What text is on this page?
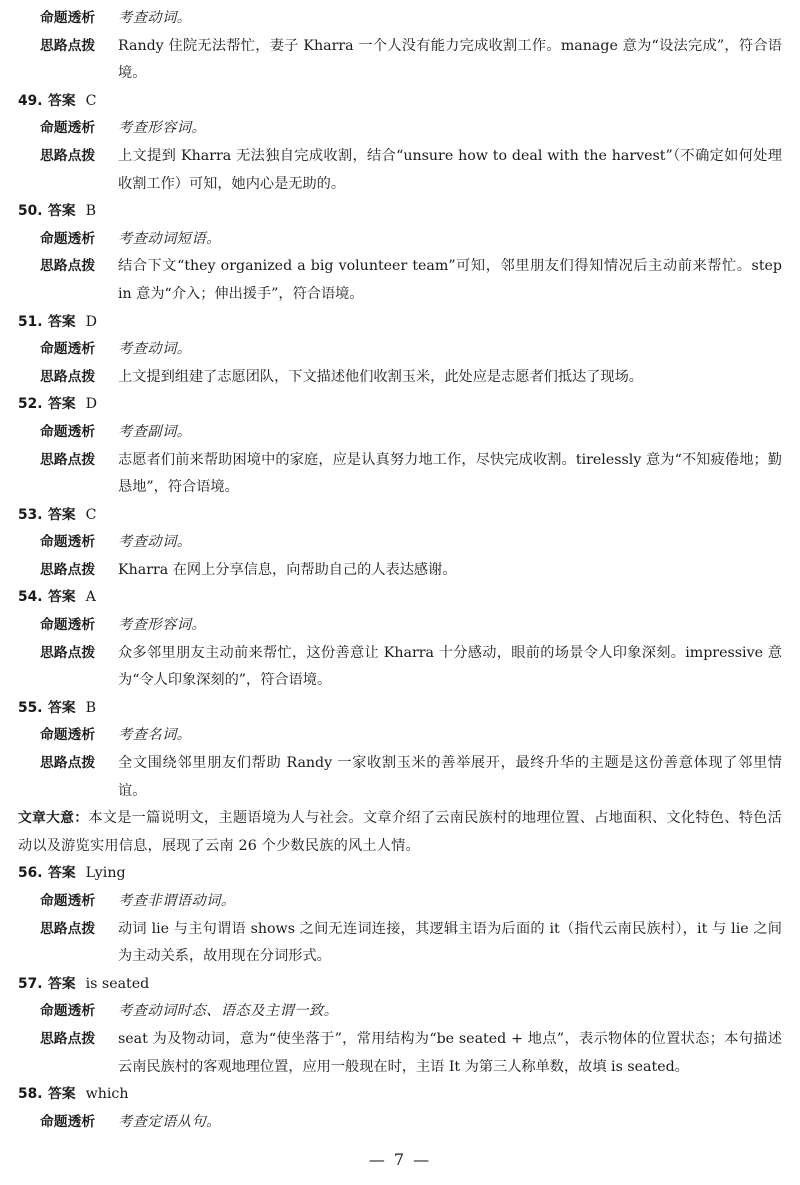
命题透析	考查动词。
思路点拨	Randy 住院无法帮忙，妻子 Kharra 一个人没有能力完成收割工作。manage 意为“设法完成”，符合语境。
49. 答案 C
命题透析	考查形容词。
思路点拨	上文提到 Kharra 无法独自完成收割，结合“unsure how to deal with the harvest”（不确定如何处理收割工作）可知，她内心是无助的。
50. 答案 B
命题透析	考查动词短语。
思路点拨	结合下文“they organized a big volunteer team”可知，邻里朋友们得知情况后主动前来帮忙。step in 意为“介入；伸出援手”，符合语境。
51. 答案 D
命题透析	考查动词。
思路点拨	上文提到组建了志愿团队，下文描述他们收割玉米，此处应是志愿者们抵达了现场。
52. 答案 D
命题透析	考查副词。
思路点拨	志愿者们前来帮助困境中的家庭，应是认真努力地工作，尽快完成收割。tirelessly 意为“不知疲倦地；勤恳地”，符合语境。
53. 答案 C
命题透析	考查动词。
思路点拨	Kharra 在网上分享信息，向帮助自己的人表达感谢。
54. 答案 A
命题透析	考查形容词。
思路点拨	众多邻里朋友主动前来帮忙，这份善意让 Kharra 十分感动，眼前的场景令人印象深刻。impressive 意为“令人印象深刻的”，符合语境。
55. 答案 B
命题透析	考查名词。
思路点拨	全文围绕邻里朋友们帮助 Randy 一家收割玉米的善举展开，最终升华的主题是这份善意体现了邻里情谊。
文章大意：本文是一篇说明文，主题语境为人与社会。文章介绍了云南民族村的地理位置、占地面积、文化特色、特色活动以及游览实用信息，展现了云南 26 个少数民族的风土人情。
56. 答案 Lying
命题透析	考查非谓语动词。
思路点拨	动词 lie 与主句谓语 shows 之间无连词连接，其逻辑主语为后面的 it（指代云南民族村），it 与 lie 之间为主动关系，故用现在分词形式。
57. 答案 is seated
命题透析	考查动词时态、语态及主谓一致。
思路点拨	seat 为及物动词，意为“使坐落于”，常用结构为“be seated + 地点”，表示物体的位置状态；本句描述云南民族村的客观地理位置，应用一般现在时，主语 It 为第三人称单数，故填 is seated。
58. 答案 which
命题透析	考查定语从句。
— 7 —
